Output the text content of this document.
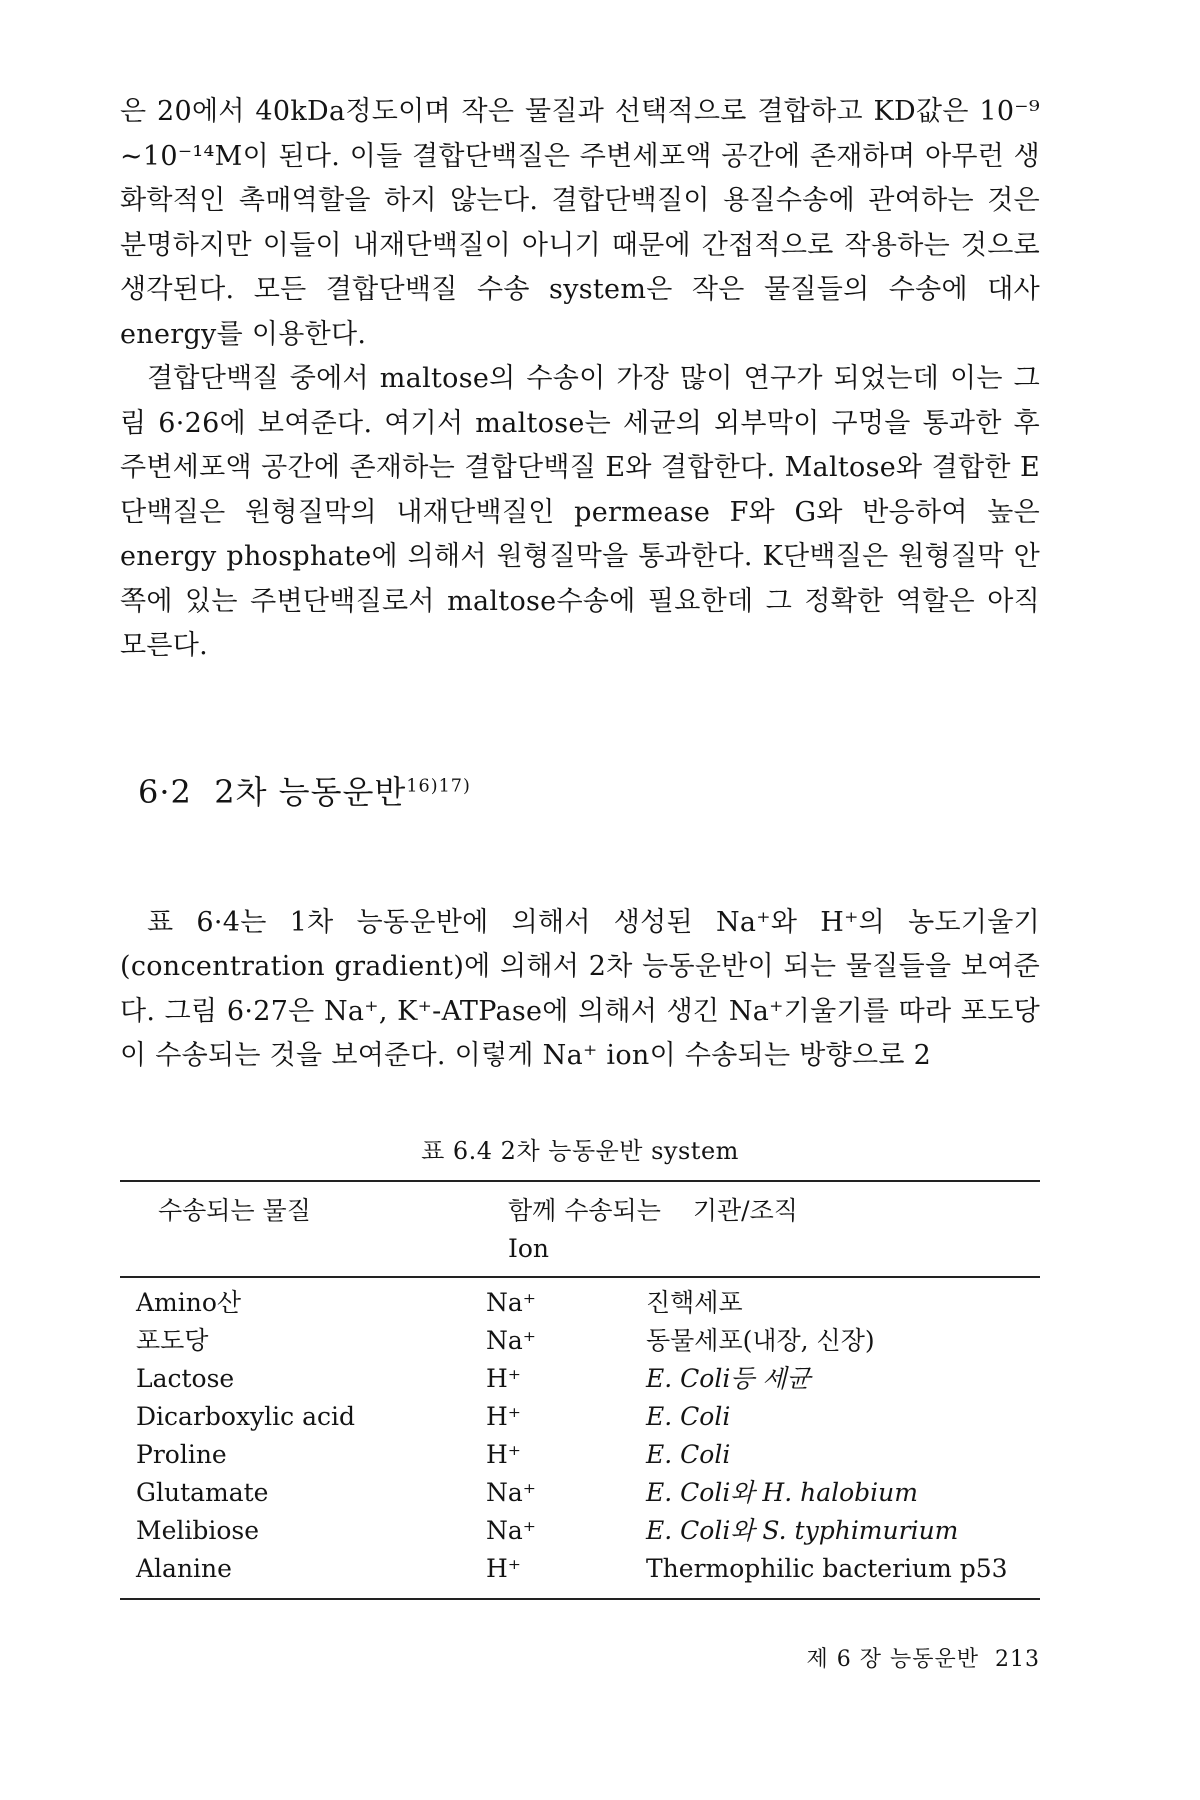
은 20에서 40kDa정도이며 작은 물질과 선택적으로 결합하고 KD값은 10⁻⁹ ~10⁻¹⁴M이 된다. 이들 결합단백질은 주변세포액 공간에 존재하며 아무런 생화학적인 촉매역할을 하지 않는다. 결합단백질이 용질수송에 관여하는 것은 분명하지만 이들이 내재단백질이 아니기 때문에 간접적으로 작용하는 것으로 생각된다. 모든 결합단백질 수송 system은 작은 물질들의 수송에 대사 energy를 이용한다.

결합단백질 중에서 maltose의 수송이 가장 많이 연구가 되었는데 이는 그림 6·26에 보여준다. 여기서 maltose는 세균의 외부막이 구멍을 통과한 후 주변세포액 공간에 존재하는 결합단백질 E와 결합한다. Maltose와 결합한 E 단백질은 원형질막의 내재단백질인 permease F와 G와 반응하여 높은 energy phosphate에 의해서 원형질막을 통과한다. K단백질은 원형질막 안쪽에 있는 주변단백질로서 maltose수송에 필요한데 그 정확한 역할은 아직 모른다.

6·2 2차 능동운반$^{16)17)}$

표 6·4는 1차 능동운반에 의해서 생성된 Na⁺와 H⁺의 농도기울기(concentration gradient)에 의해서 2차 능동운반이 되는 물질들을 보여준다. 그림 6·27은 Na⁺, K⁺-ATPase에 의해서 생긴 Na⁺기울기를 따라 포도당이 수송되는 것을 보여준다. 이렇게 Na⁺ ion이 수송되는 방향으로 2

표 6.4 2차 능동운반 system
수송되는 물질	함께 수송되는	기관/조직
Ion
Amino산	Na⁺	진핵세포
포도당	Na⁺	동물세포(내장, 신장)
Lactose	H⁺	E. Coli등 세균
Dicarboxylic acid	H⁺	E. Coli
Proline	H⁺	E. Coli
Glutamate	Na⁺	E. Coli와 H. halobium
Melibiose	Na⁺	E. Coli와 S. typhimurium
Alanine	H⁺	Thermophilic bacterium p53
제 6 장 능동운반 213
